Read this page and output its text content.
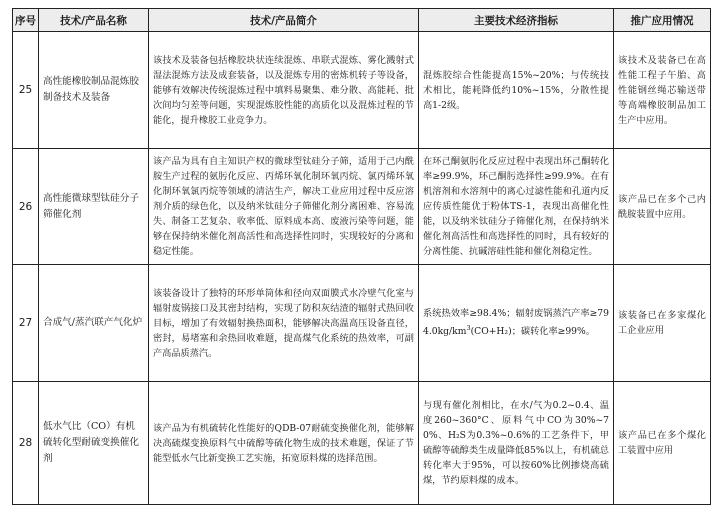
序号	技术/产品名称	技术/产品简介	主要技术经济指标	推广应用情况
25	高性能橡胶制品混炼胶制备技术及装备	该技术及装备包括橡胶块状连续混炼、串联式混炼、雾化溅射式湿法混炼方法及成套装备，以及混炼专用的密炼机转子等设备，能够有效解决传统混炼过程中填料易聚集、难分散、高能耗、批次间均匀差等问题，实现混炼胶性能的高质化以及混炼过程的节能化，提升橡胶工业竞争力。	混炼胶综合性能提高15%~20%；与传统技术相比，能耗降低约10%~15%，分散性提高1-2级。	该技术及装备已在高性能工程子午胎、高性能钢丝绳芯输送带等高端橡胶制品加工生产中应用。

26	高性能微球型钛硅分子筛催化剂	该产品为具有自主知识产权的微球型钛硅分子筛，适用于己内酰胺生产过程的氨肟化反应、丙烯环氧化制环氧丙烷、氯丙烯环氧化制环氧氯丙烷等领域的清洁生产，解决工业应用过程中反应溶剂介质的绿色化，以及纳米钛硅分子筛催化剂分离困难、容易流失、制备工艺复杂、收率低、原料成本高、废液污染等问题，能够在保持纳米催化剂高活性和高选择性同时，实现较好的分离和稳定性能。	在环己酮氨肟化反应过程中表现出环己酮转化率≥99.9%，环己酮肟选择性≥99.9%。在有机溶剂和水溶剂中的离心过滤性能和孔道内反应传质性能优于粉体TS-1，表现出高催化性能，以及纳米钛硅分子筛催化剂，在保持纳米催化剂高活性和高选择性的同时，具有较好的分离性能、抗碱溶硅性能和催化剂稳定性。	该产品已在多个己内酰胺装置中应用。

27	合成气/蒸汽联产气化炉	该装备设计了独特的环形单筒体和径向双面膜式水冷壁气化室与辐射废锅接口及其密封结构，实现了防积灰结渣的辐射式热回收目标，增加了有效辐射换热面积，能够解决高温高压设备直径，密封，易堵塞和余热回收难题，提高煤气化系统的热效率，可副产高品质蒸汽。	系统热效率≥98.4%；辐射废锅蒸汽产率$\ge 794.0kg/km^3(CO+H_2)$；碳转化率≥99%。	该装备已在多家煤化工企业应用

28	低水气比（CO）有机硫转化型耐硫变换催化剂	该产品为有机硫转化性能好的QDB-07耐硫变换催化剂，能够解决高硫煤变换原料气中硫醇等硫化物生成的技术难题，保证了节能型低水气比新变换工艺实施，拓宽原料煤的选择范围。	与现有催化剂相比，在水/气为0.2~0.4、温度260~360°C、原料气中CO为30%~70%、H₂S为0.3%~0.6%的工艺条件下，甲硫醇等硫醇类生成量降低85%以上，有机硫总转化率大于95%，可以按60%比例掺烧高硫煤，节约原料煤的成本。	该产品已在多个煤化工装置中应用
